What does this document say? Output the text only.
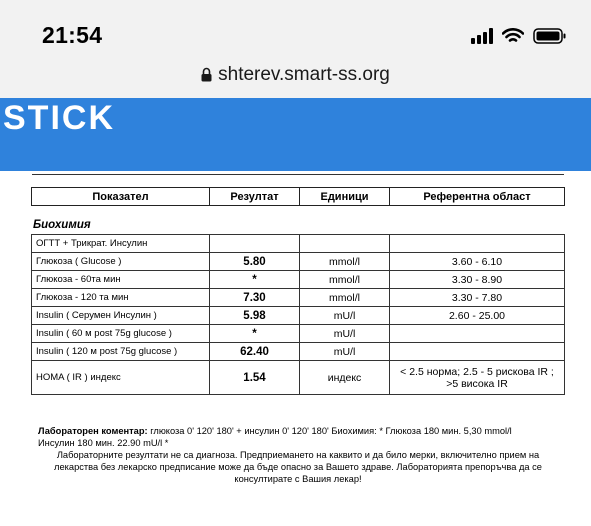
21:54
shterev.smart-ss.org
STICK
Показател	Резултат	Единици	Референтна област
Биохимия
ОГТТ + Трикрат. Инсулин			
Глюкоза ( Glucose )	5.80	mmol/l	3.60 - 6.10
Глюкоза - 60та мин	*	mmol/l	3.30 - 8.90
Глюкоза - 120 та мин	7.30	mmol/l	3.30 - 7.80
Insulin ( Серумен Инсулин )	5.98	mU/l	2.60 - 25.00
Insulin ( 60 м post 75g glucose )	*	mU/l	
Insulin ( 120 м post 75g glucose )	62.40	mU/l	
HOMA ( IR ) индекс	1.54	индекс	< 2.5 норма; 2.5 - 5 рискова IR ;
>5 висока IR

Лабораторен коментар: глюкоза 0' 120' 180' + инсулин 0' 120' 180' Биохимия: * Глюкоза 180 мин. 5,30 mmol/l

Инсулин 180 мин. 22.90 mU/l *

Лабораторните резултати не са диагноза. Предприемането на каквито и да било мерки, включително прием на

лекарства без лекарско предписание може да бъде опасно за Вашето здраве. Лабораторията препоръчва да се

консултирате с Вашия лекар!
